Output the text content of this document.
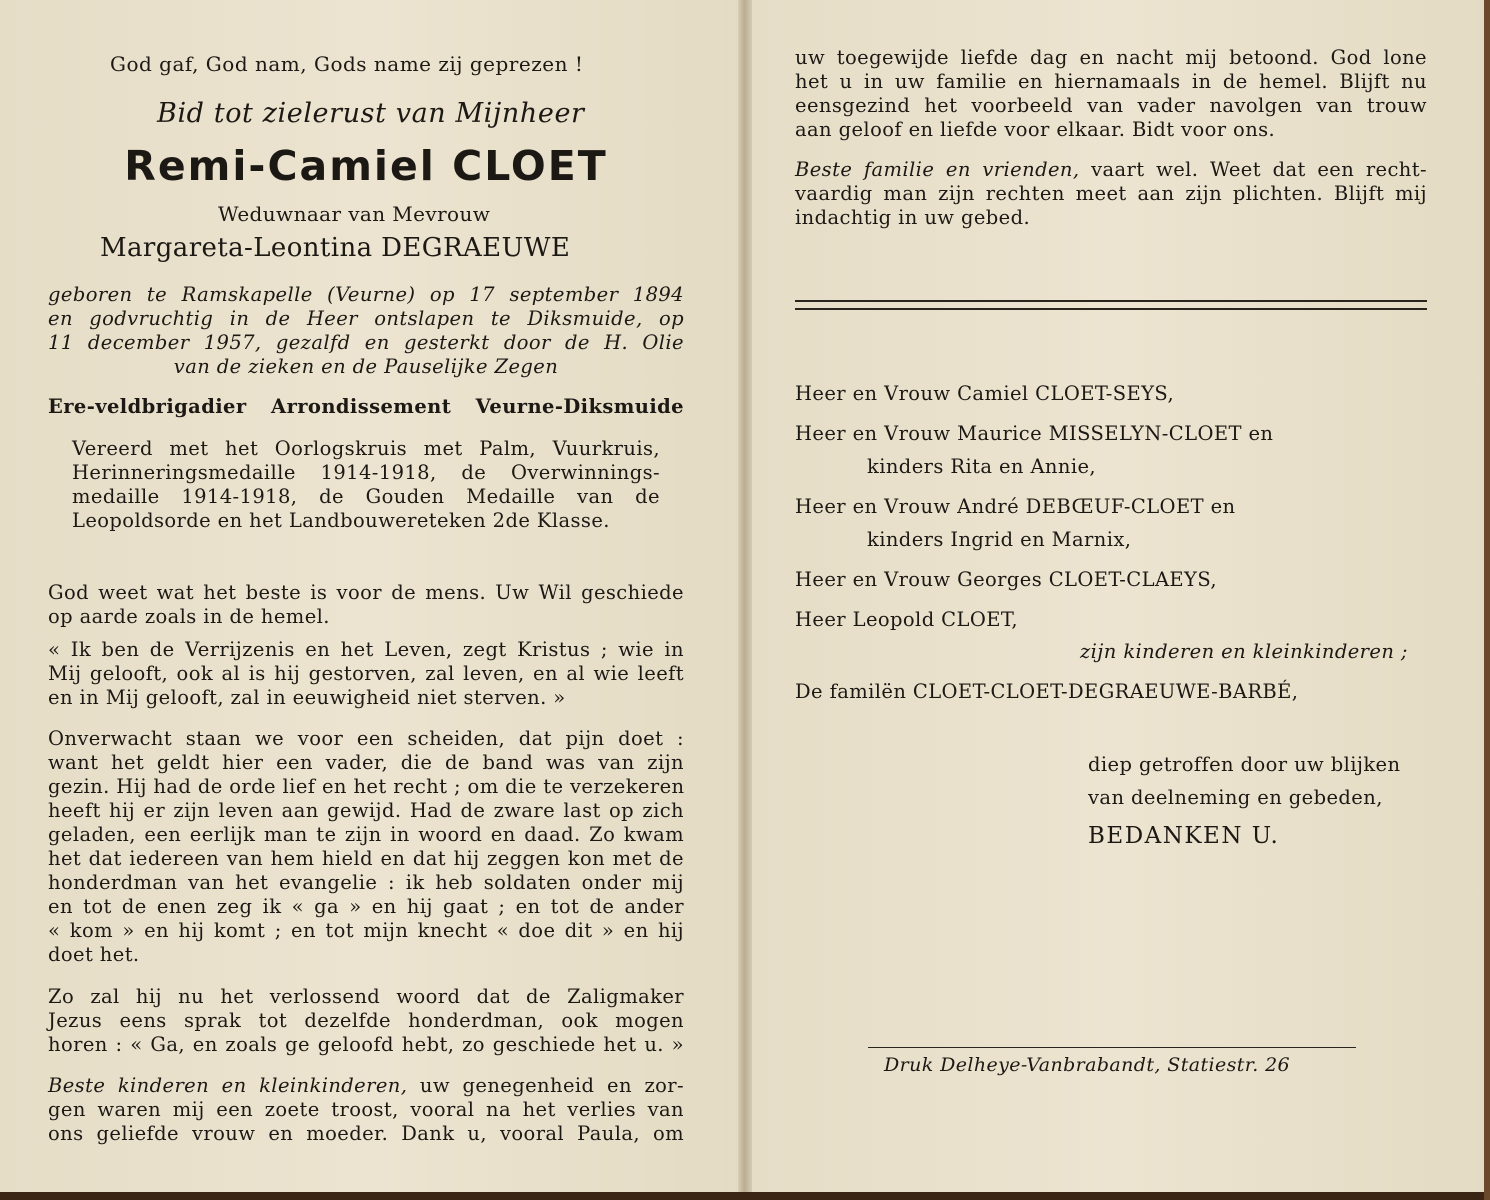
God gaf, God nam, Gods name zij geprezen !
Bid tot zielerust van Mijnheer
Remi-Camiel CLOET
Weduwnaar van Mevrouw
Margareta-Leontina DEGRAEUWE
geboren te Ramskapelle (Veurne) op 17 september 1894
en godvruchtig in de Heer ontslapen te Diksmuide, op
11 december 1957, gezalfd en gesterkt door de H. Olie
van de zieken en de Pauselijke Zegen
Ere-veldbrigadier Arrondissement Veurne-Diksmuide
Vereerd met het Oorlogskruis met Palm, Vuurkruis,
Herinneringsmedaille 1914-1918, de Overwinnings-
medaille 1914-1918, de Gouden Medaille van de
Leopoldsorde en het Landbouwereteken 2de Klasse.
God weet wat het beste is voor de mens. Uw Wil geschiede
op aarde zoals in de hemel.
« Ik ben de Verrijzenis en het Leven, zegt Kristus ; wie in
Mij gelooft, ook al is hij gestorven, zal leven, en al wie leeft
en in Mij gelooft, zal in eeuwigheid niet sterven. »
Onverwacht staan we voor een scheiden, dat pijn doet :
want het geldt hier een vader, die de band was van zijn
gezin. Hij had de orde lief en het recht ; om die te verzekeren
heeft hij er zijn leven aan gewijd. Had de zware last op zich
geladen, een eerlijk man te zijn in woord en daad. Zo kwam
het dat iedereen van hem hield en dat hij zeggen kon met de
honderdman van het evangelie : ik heb soldaten onder mij
en tot de enen zeg ik « ga » en hij gaat ; en tot de ander
« kom » en hij komt ; en tot mijn knecht « doe dit » en hij
doet het.
Zo zal hij nu het verlossend woord dat de Zaligmaker
Jezus eens sprak tot dezelfde honderdman, ook mogen
horen : « Ga, en zoals ge geloofd hebt, zo geschiede het u. »
Beste kinderen en kleinkinderen, uw genegenheid en zor-
gen waren mij een zoete troost, vooral na het verlies van
ons geliefde vrouw en moeder. Dank u, vooral Paula, om
uw toegewijde liefde dag en nacht mij betoond. God lone
het u in uw familie en hiernamaals in de hemel. Blijft nu
eensgezind het voorbeeld van vader navolgen van trouw
aan geloof en liefde voor elkaar. Bidt voor ons.
Beste familie en vrienden, vaart wel. Weet dat een recht-
vaardig man zijn rechten meet aan zijn plichten. Blijft mij
indachtig in uw gebed.
Heer en Vrouw Camiel CLOET-SEYS,
Heer en Vrouw Maurice MISSELYN-CLOET en
kinders Rita en Annie,
Heer en Vrouw André DEBŒUF-CLOET en
kinders Ingrid en Marnix,
Heer en Vrouw Georges CLOET-CLAEYS,
Heer Leopold CLOET,
zijn kinderen en kleinkinderen ;
De familën CLOET-CLOET-DEGRAEUWE-BARBÉ,
diep getroffen door uw blijken
van deelneming en gebeden,
BEDANKEN U.
Druk Delheye-Vanbrabandt, Statiestr. 26
